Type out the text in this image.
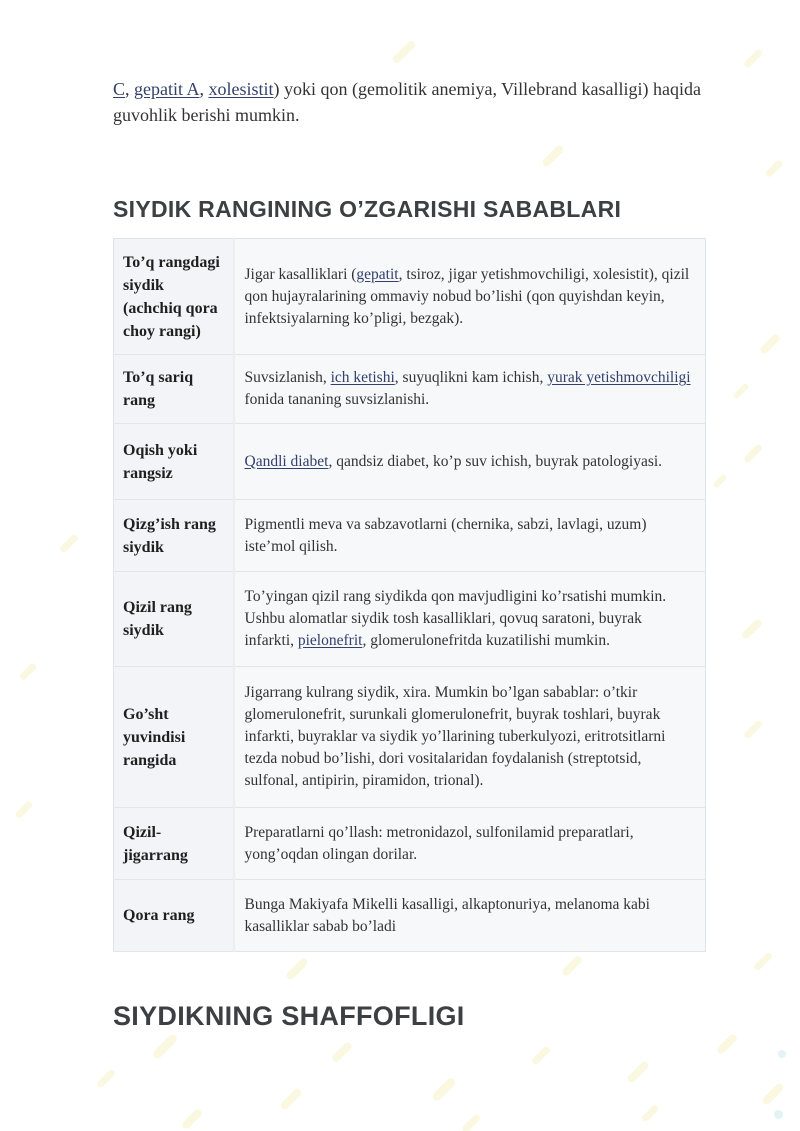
C, gepatit A, xolesistit) yoki qon (gemolitik anemiya, Villebrand kasalligi) haqida guvohlik berishi mumkin.

SIYDIK RANGINING O’ZGARISHI SABABLARI
To’q rangdagi siydik (achchiq qora choy rangi)	Jigar kasalliklari (gepatit, tsiroz, jigar yetishmovchiligi, xolesistit), qizil qon hujayralarining ommaviy nobud bo’lishi (qon quyishdan keyin, infektsiyalarning ko’pligi, bezgak).
To’q sariq rang	Suvsizlanish, ich ketishi, suyuqlikni kam ichish, yurak yetishmovchiligi fonida tananing suvsizlanishi.
Oqish yoki rangsiz	Qandli diabet, qandsiz diabet, ko’p suv ichish, buyrak patologiyasi.
Qizg’ish rang siydik	Pigmentli meva va sabzavotlarni (chernika, sabzi, lavlagi, uzum) iste’mol qilish.
Qizil rang siydik	To’yingan qizil rang siydikda qon mavjudligini ko’rsatishi mumkin. Ushbu alomatlar siydik tosh kasalliklari, qovuq saratoni, buyrak infarkti, pielonefrit, glomerulonefritda kuzatilishi mumkin.
Go’sht yuvindisi rangida	Jigarrang kulrang siydik, xira. Mumkin bo’lgan sabablar: o’tkir glomerulonefrit, surunkali glomerulonefrit, buyrak toshlari, buyrak infarkti, buyraklar va siydik yo’llarining tuberkulyozi, eritrotsitlarni tezda nobud bo’lishi, dori vositalaridan foydalanish (streptotsid, sulfonal, antipirin, piramidon, trional).
Qizil-jigarrang	Preparatlarni qo’llash: metronidazol, sulfonilamid preparatlari, yong’oqdan olingan dorilar.
Qora rang	Bunga Makiyafa Mikelli kasalligi, alkaptonuriya, melanoma kabi kasalliklar sabab bo’ladi
SIYDIKNING SHAFFOFLIGI
